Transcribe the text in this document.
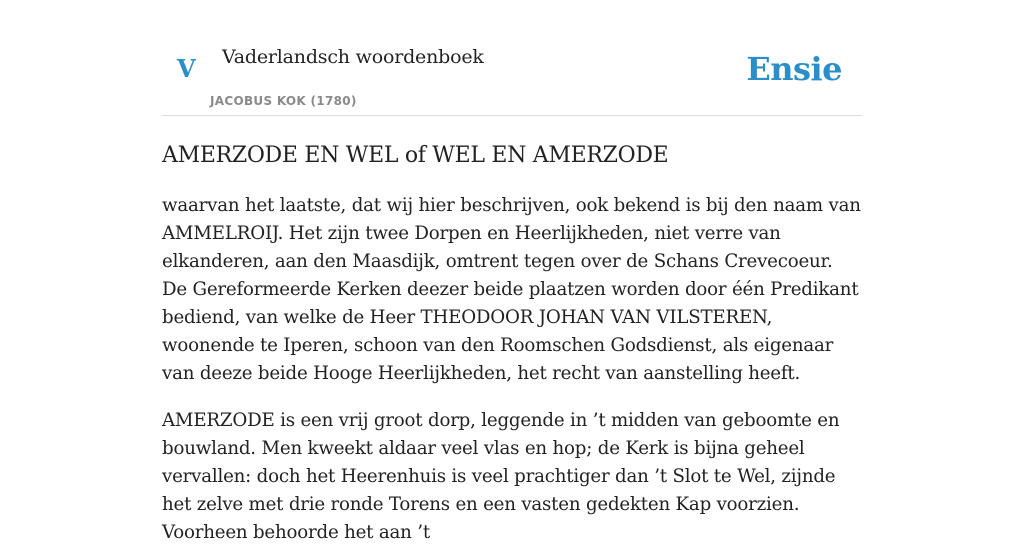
V Vaderlandsch woordenboek
JACOBUS KOK (1780)
Ensie
AMERZODE EN WEL of WEL EN AMERZODE

waarvan het laatste, dat wij hier beschrijven, ook bekend is bij den naam van AMMELROIJ. Het zijn twee Dorpen en Heerlijkheden, niet verre van elkanderen, aan den Maasdijk, omtrent tegen over de Schans Crevecoeur. De Gereformeerde Kerken deezer beide plaatzen worden door één Predikant bediend, van welke de Heer THEODOOR JOHAN VAN VILSTEREN, woonende te Iperen, schoon van den Roomschen Godsdienst, als eigenaar van deeze beide Hooge Heerlijkheden, het recht van aanstelling heeft.

AMERZODE is een vrij groot dorp, leggende in ’t midden van geboomte en bouwland. Men kweekt aldaar veel vlas en hop; de Kerk is bijna geheel vervallen: doch het Heerenhuis is veel prachtiger dan ’t Slot te Wel, zijnde het zelve met drie ronde Torens en een vasten gedekten Kap voorzien. Voorheen behoorde het aan ’t
